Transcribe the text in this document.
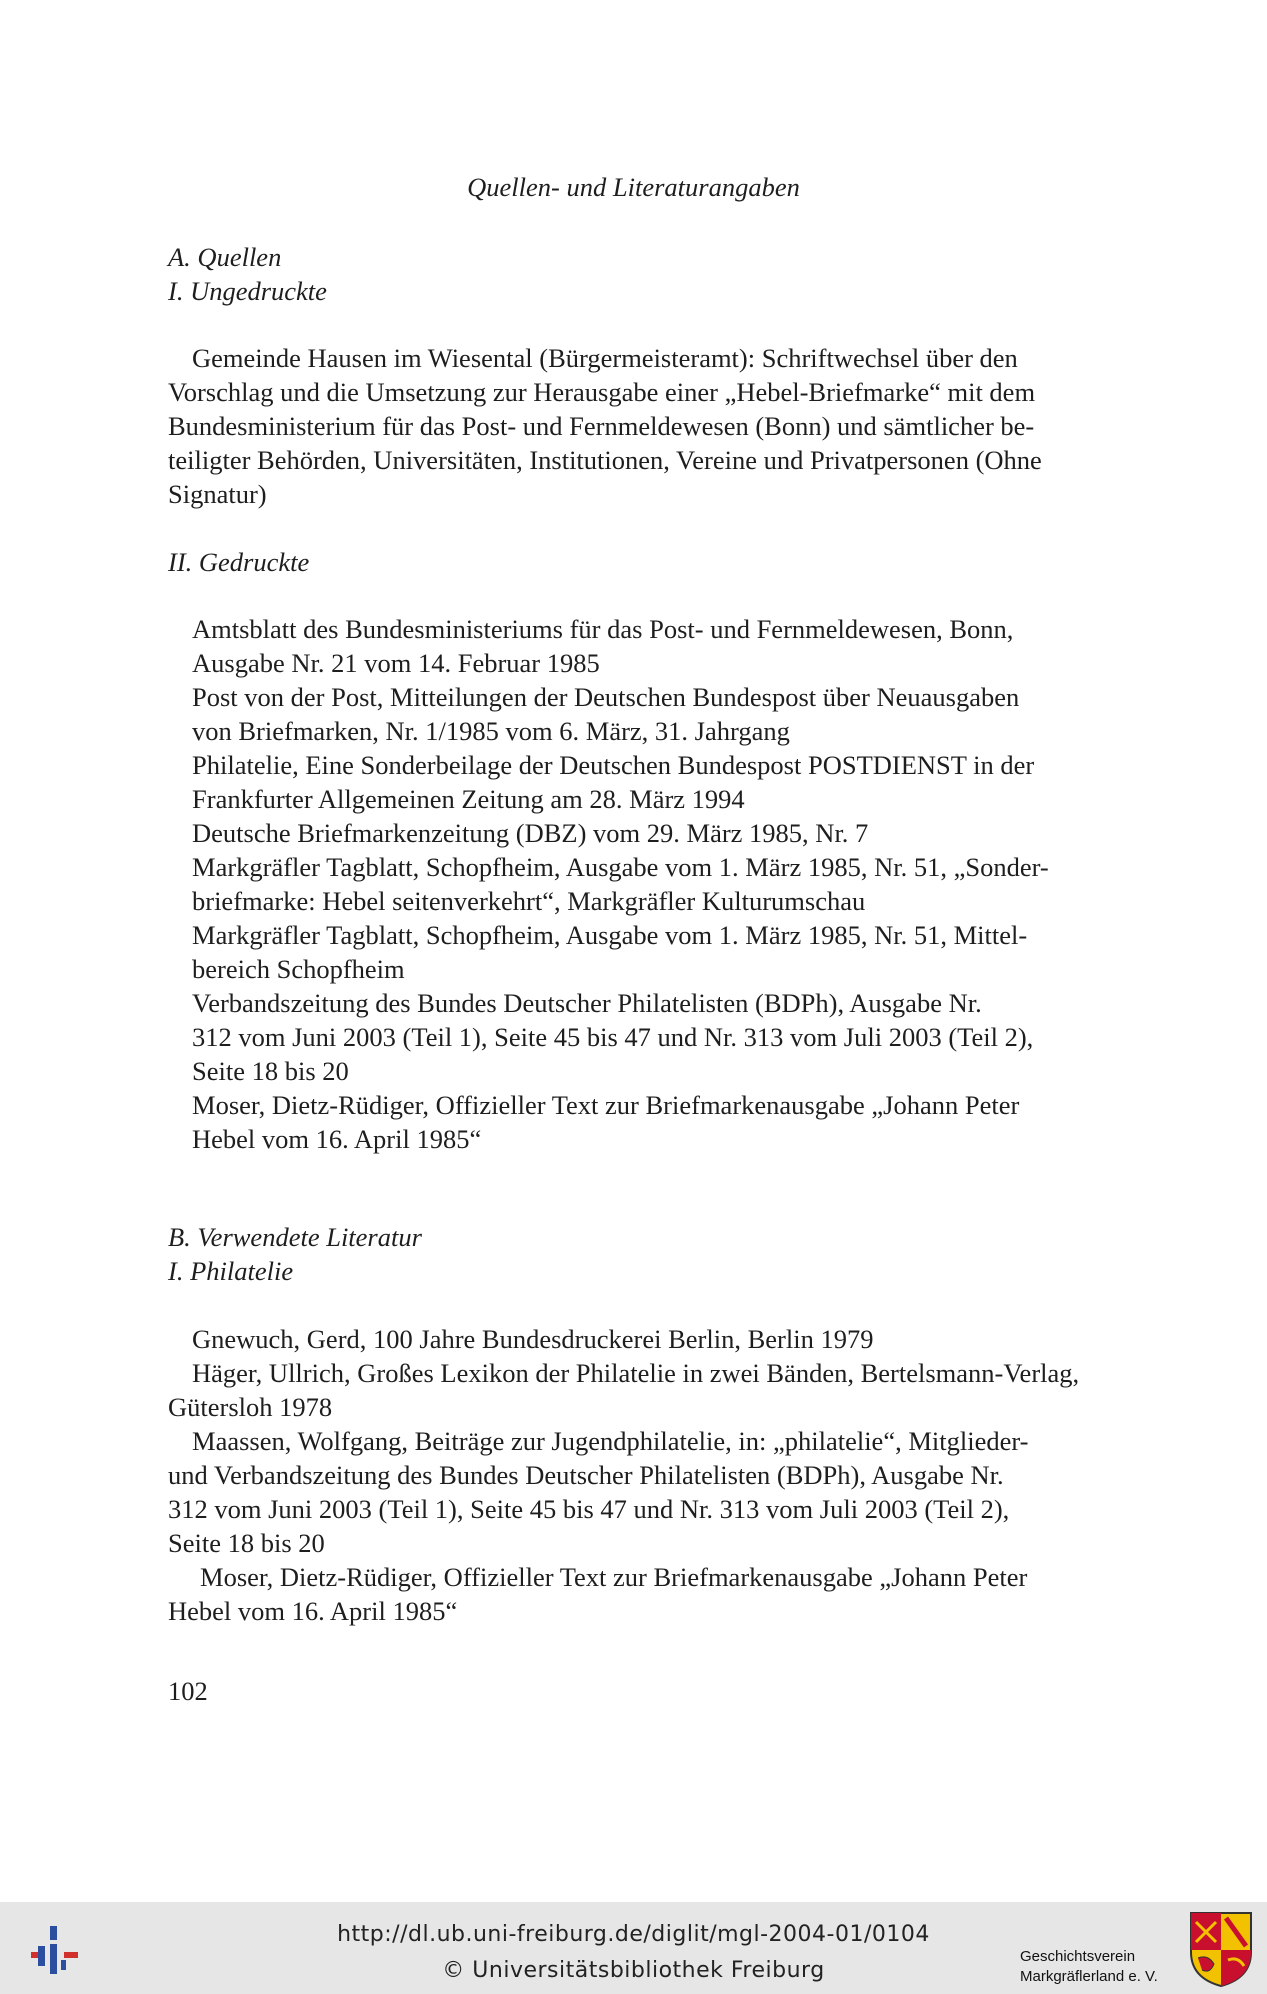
Quellen- und Literaturangaben
A. Quellen
I. Ungedruckte
Gemeinde Hausen im Wiesental (Bürgermeisteramt): Schriftwechsel über den
Vorschlag und die Umsetzung zur Herausgabe einer „Hebel-Briefmarke“ mit dem
Bundesministerium für das Post- und Fernmeldewesen (Bonn) und sämtlicher be-
teiligter Behörden, Universitäten, Institutionen, Vereine und Privatpersonen (Ohne
Signatur)
II. Gedruckte
Amtsblatt des Bundesministeriums für das Post- und Fernmeldewesen, Bonn,
Ausgabe Nr. 21 vom 14. Februar 1985
Post von der Post, Mitteilungen der Deutschen Bundespost über Neuausgaben
von Briefmarken, Nr. 1/1985 vom 6. März, 31. Jahrgang
Philatelie, Eine Sonderbeilage der Deutschen Bundespost POSTDIENST in der
Frankfurter Allgemeinen Zeitung am 28. März 1994
Deutsche Briefmarkenzeitung (DBZ) vom 29. März 1985, Nr. 7
Markgräfler Tagblatt, Schopfheim, Ausgabe vom 1. März 1985, Nr. 51, „Sonder-
briefmarke: Hebel seitenverkehrt“, Markgräfler Kulturumschau
Markgräfler Tagblatt, Schopfheim, Ausgabe vom 1. März 1985, Nr. 51, Mittel-
bereich Schopfheim
Verbandszeitung des Bundes Deutscher Philatelisten (BDPh), Ausgabe Nr.
312 vom Juni 2003 (Teil 1), Seite 45 bis 47 und Nr. 313 vom Juli 2003 (Teil 2),
Seite 18 bis 20
Moser, Dietz-Rüdiger, Offizieller Text zur Briefmarkenausgabe „Johann Peter
Hebel vom 16. April 1985“
B. Verwendete Literatur
I. Philatelie
Gnewuch, Gerd, 100 Jahre Bundesdruckerei Berlin, Berlin 1979
Häger, Ullrich, Großes Lexikon der Philatelie in zwei Bänden, Bertelsmann-Verlag,
Gütersloh 1978
Maassen, Wolfgang, Beiträge zur Jugendphilatelie, in: „philatelie“, Mitglieder-
und Verbandszeitung des Bundes Deutscher Philatelisten (BDPh), Ausgabe Nr.
312 vom Juni 2003 (Teil 1), Seite 45 bis 47 und Nr. 313 vom Juli 2003 (Teil 2),
Seite 18 bis 20
Moser, Dietz-Rüdiger, Offizieller Text zur Briefmarkenausgabe „Johann Peter
Hebel vom 16. April 1985“
102
http://dl.ub.uni-freiburg.de/diglit/mgl-2004-01/0104
© Universitätsbibliothek Freiburg
Geschichtsverein
Markgräflerland e. V.
